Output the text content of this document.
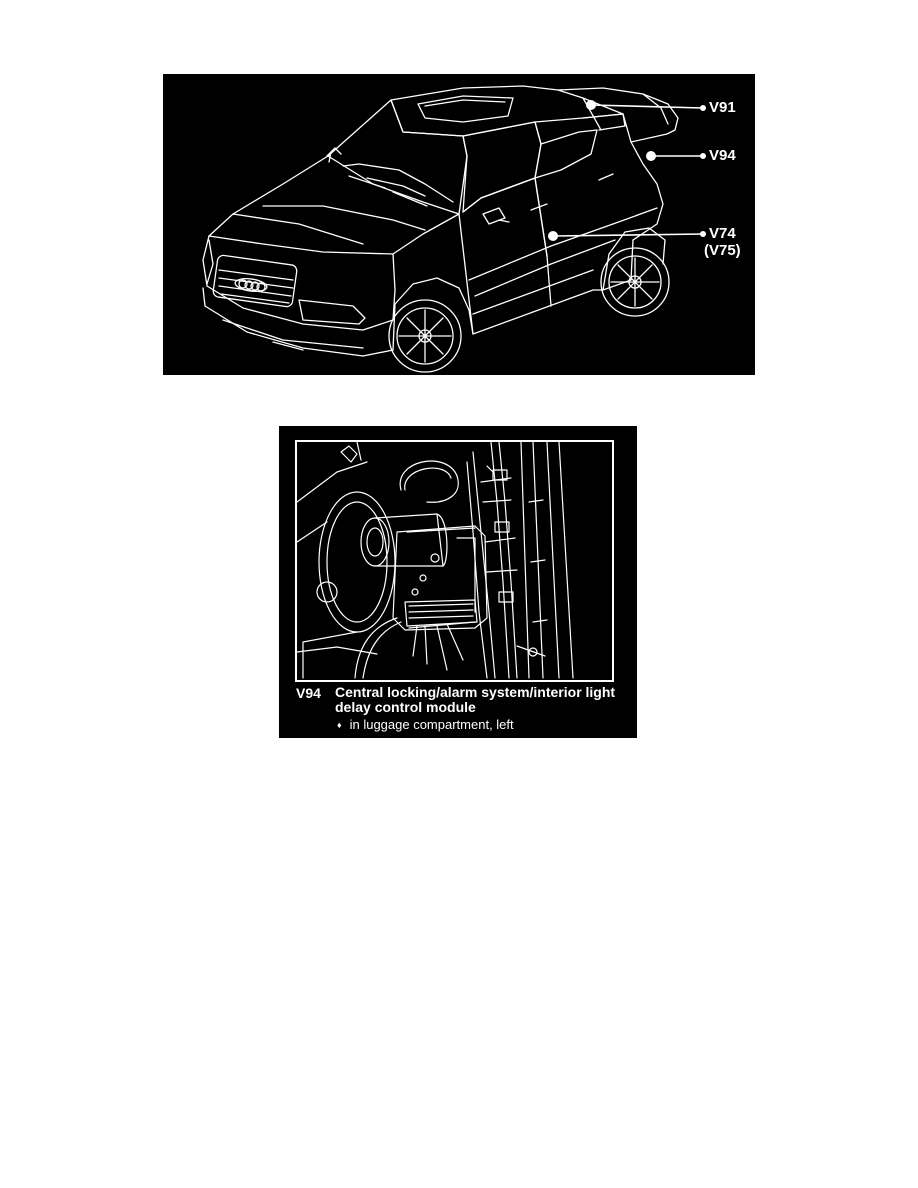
V91
V94
V74
(V75)
V94 Central locking/alarm system/interior light delay control module
♦ in luggage compartment, left
